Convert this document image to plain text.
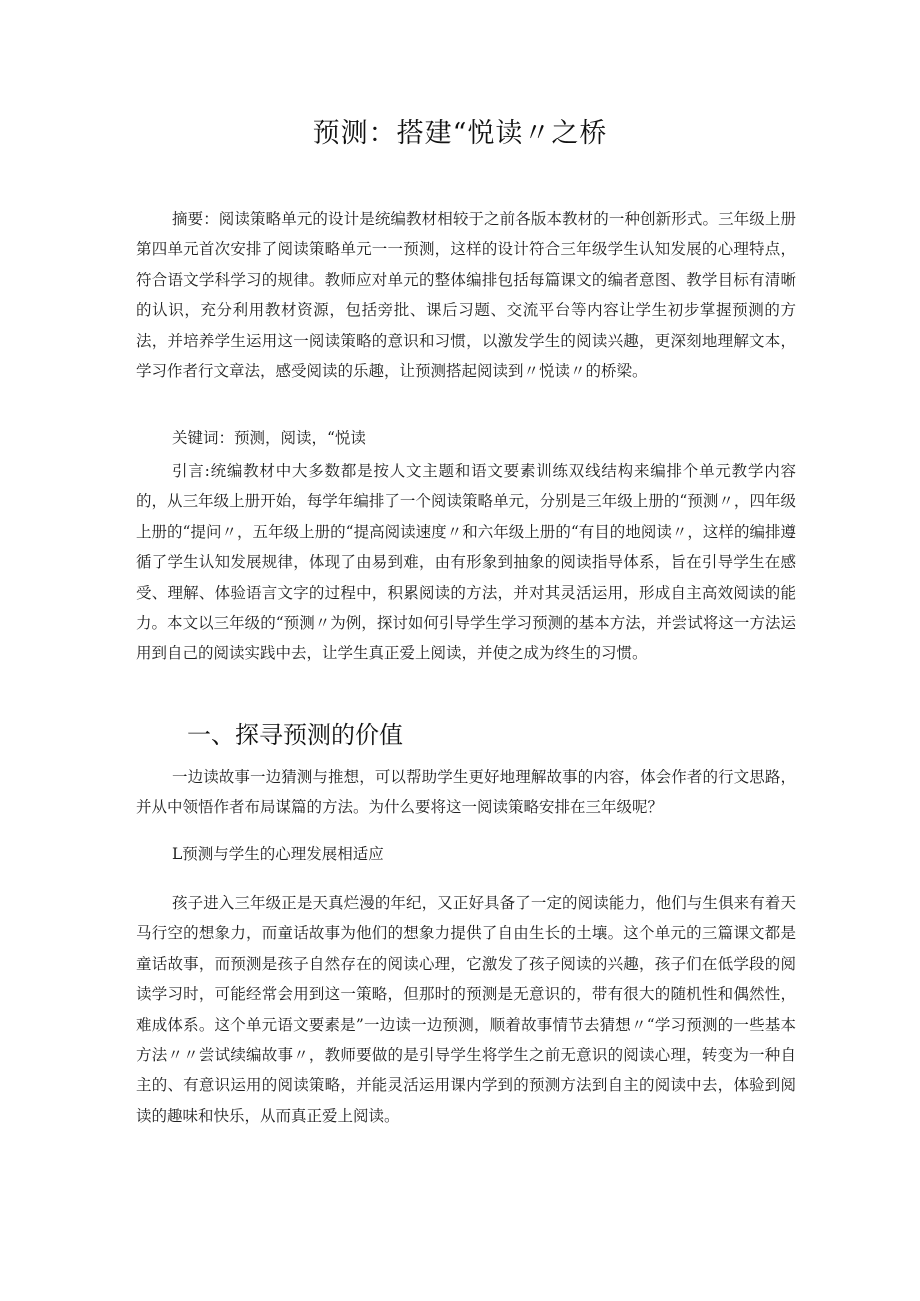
预测：搭建“悦读〃之桥
摘要：阅读策略单元的设计是统编教材相较于之前各版本教材的一种创新形式。三年级上册第四单元首次安排了阅读策略单元一一预测，这样的设计符合三年级学生认知发展的心理特点，符合语文学科学习的规律。教师应对单元的整体编排包括每篇课文的编者意图、教学目标有清晰的认识，充分利用教材资源，包括旁批、课后习题、交流平台等内容让学生初步掌握预测的方法，并培养学生运用这一阅读策略的意识和习惯，以激发学生的阅读兴趣，更深刻地理解文本，学习作者行文章法，感受阅读的乐趣，让预测搭起阅读到〃悦读〃的桥梁。
关键词：预测，阅读，“悦读
引言:统编教材中大多数都是按人文主题和语文要素训练双线结构来编排个单元教学内容的，从三年级上册开始，每学年编排了一个阅读策略单元，分别是三年级上册的“预测〃，四年级上册的“提问〃，五年级上册的“提高阅读速度〃和六年级上册的“有目的地阅读〃，这样的编排遵循了学生认知发展规律，体现了由易到难，由有形象到抽象的阅读指导体系，旨在引导学生在感受、理解、体验语言文字的过程中，积累阅读的方法，并对其灵活运用，形成自主高效阅读的能力。本文以三年级的“预测〃为例，探讨如何引导学生学习预测的基本方法，并尝试将这一方法运用到自己的阅读实践中去，让学生真正爱上阅读，并使之成为终生的习惯。
一、探寻预测的价值
一边读故事一边猜测与推想，可以帮助学生更好地理解故事的内容，体会作者的行文思路，并从中领悟作者布局谋篇的方法。为什么要将这一阅读策略安排在三年级呢？
L预测与学生的心理发展相适应
孩子进入三年级正是天真烂漫的年纪，又正好具备了一定的阅读能力，他们与生俱来有着天马行空的想象力，而童话故事为他们的想象力提供了自由生长的土壤。这个单元的三篇课文都是童话故事，而预测是孩子自然存在的阅读心理，它激发了孩子阅读的兴趣，孩子们在低学段的阅读学习时，可能经常会用到这一策略，但那时的预测是无意识的，带有很大的随机性和偶然性，难成体系。这个单元语文要素是”一边读一边预测，顺着故事情节去猜想〃“学习预测的一些基本方法〃〃尝试续编故事〃，教师要做的是引导学生将学生之前无意识的阅读心理，转变为一种自主的、有意识运用的阅读策略，并能灵活运用课内学到的预测方法到自主的阅读中去，体验到阅读的趣味和快乐，从而真正爱上阅读。
